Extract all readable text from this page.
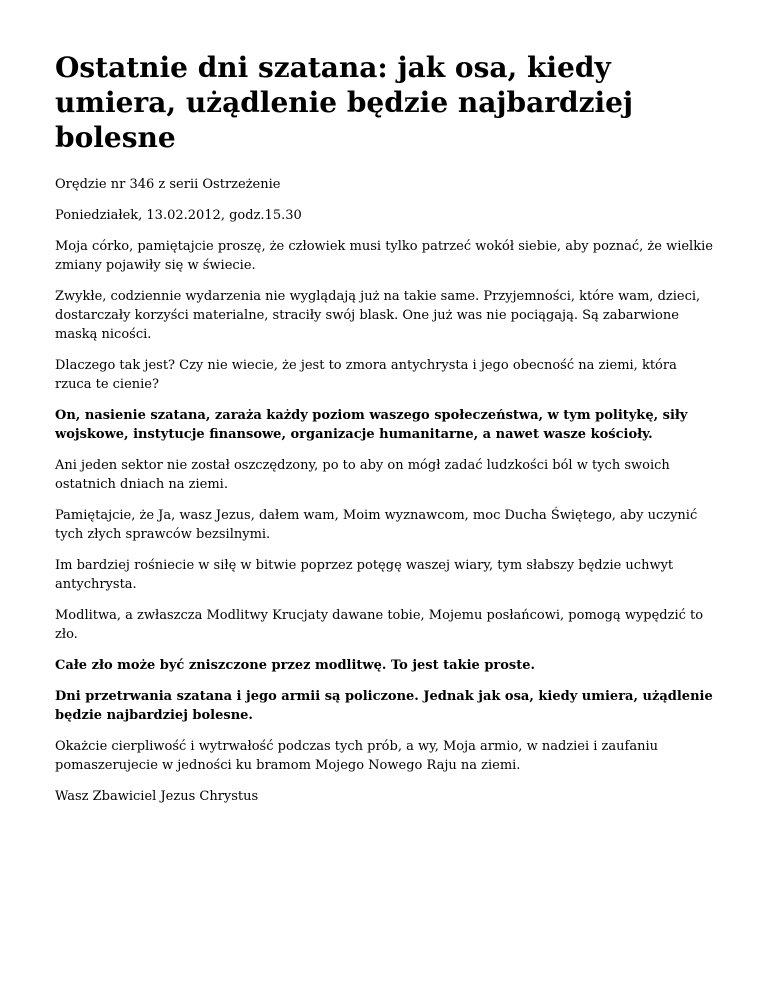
Ostatnie dni szatana: jak osa, kiedy umiera, użądlenie będzie najbardziej bolesne

Orędzie nr 346 z serii Ostrzeżenie

Poniedziałek, 13.02.2012, godz.15.30

Moja córko, pamiętajcie proszę, że człowiek musi tylko patrzeć wokół siebie, aby poznać, że wielkie zmiany pojawiły się w świecie.

Zwykłe, codziennie wydarzenia nie wyglądają już na takie same. Przyjemności, które wam, dzieci, dostarczały korzyści materialne, straciły swój blask. One już was nie pociągają. Są zabarwione maską nicości.

Dlaczego tak jest? Czy nie wiecie, że jest to zmora antychrysta i jego obecność na ziemi, która rzuca te cienie?

On, nasienie szatana, zaraża każdy poziom waszego społeczeństwa, w tym politykę, siły wojskowe, instytucje finansowe, organizacje humanitarne, a nawet wasze kościoły.

Ani jeden sektor nie został oszczędzony, po to aby on mógł zadać ludzkości ból w tych swoich ostatnich dniach na ziemi.

Pamiętajcie, że Ja, wasz Jezus, dałem wam, Moim wyznawcom, moc Ducha Świętego, aby uczynić tych złych sprawców bezsilnymi.

Im bardziej rośniecie w siłę w bitwie poprzez potęgę waszej wiary, tym słabszy będzie uchwyt antychrysta.

Modlitwa, a zwłaszcza Modlitwy Krucjaty dawane tobie, Mojemu posłańcowi, pomogą wypędzić to zło.

Całe zło może być zniszczone przez modlitwę. To jest takie proste.

Dni przetrwania szatana i jego armii są policzone. Jednak jak osa, kiedy umiera, użądlenie będzie najbardziej bolesne.

Okażcie cierpliwość i wytrwałość podczas tych prób, a wy, Moja armio, w nadziei i zaufaniu pomaszerujecie w jedności ku bramom Mojego Nowego Raju na ziemi.

Wasz Zbawiciel Jezus Chrystus
